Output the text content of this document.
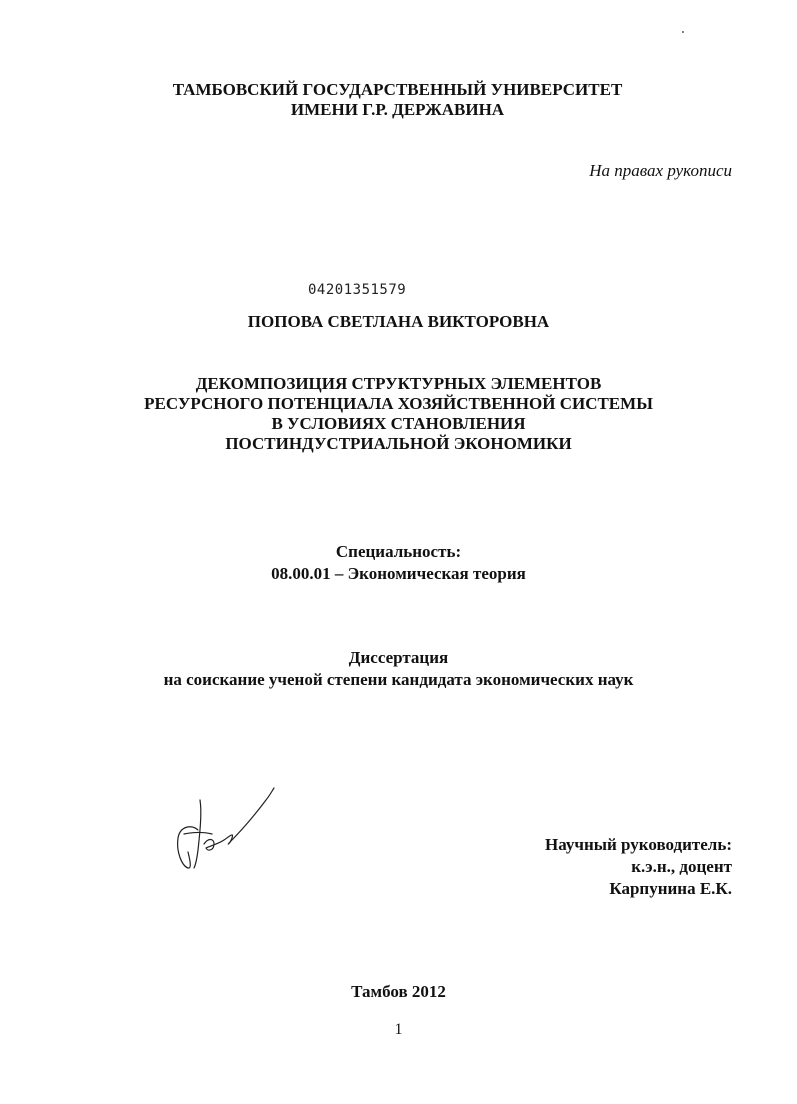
ТАМБОВСКИЙ ГОСУДАРСТВЕННЫЙ УНИВЕРСИТЕТ
ИМЕНИ Г.Р. ДЕРЖАВИНА
На правах рукописи
04201351579
ПОПОВА СВЕТЛАНА ВИКТОРОВНА
ДЕКОМПОЗИЦИЯ СТРУКТУРНЫХ ЭЛЕМЕНТОВ
РЕСУРСНОГО ПОТЕНЦИАЛА ХОЗЯЙСТВЕННОЙ СИСТЕМЫ
В УСЛОВИЯХ СТАНОВЛЕНИЯ
ПОСТИНДУСТРИАЛЬНОЙ ЭКОНОМИКИ
Специальность:
08.00.01 – Экономическая теория
Диссертация
на соискание ученой степени кандидата экономических наук
Научный руководитель:
к.э.н., доцент
Карпунина Е.К.
Тамбов 2012
1
